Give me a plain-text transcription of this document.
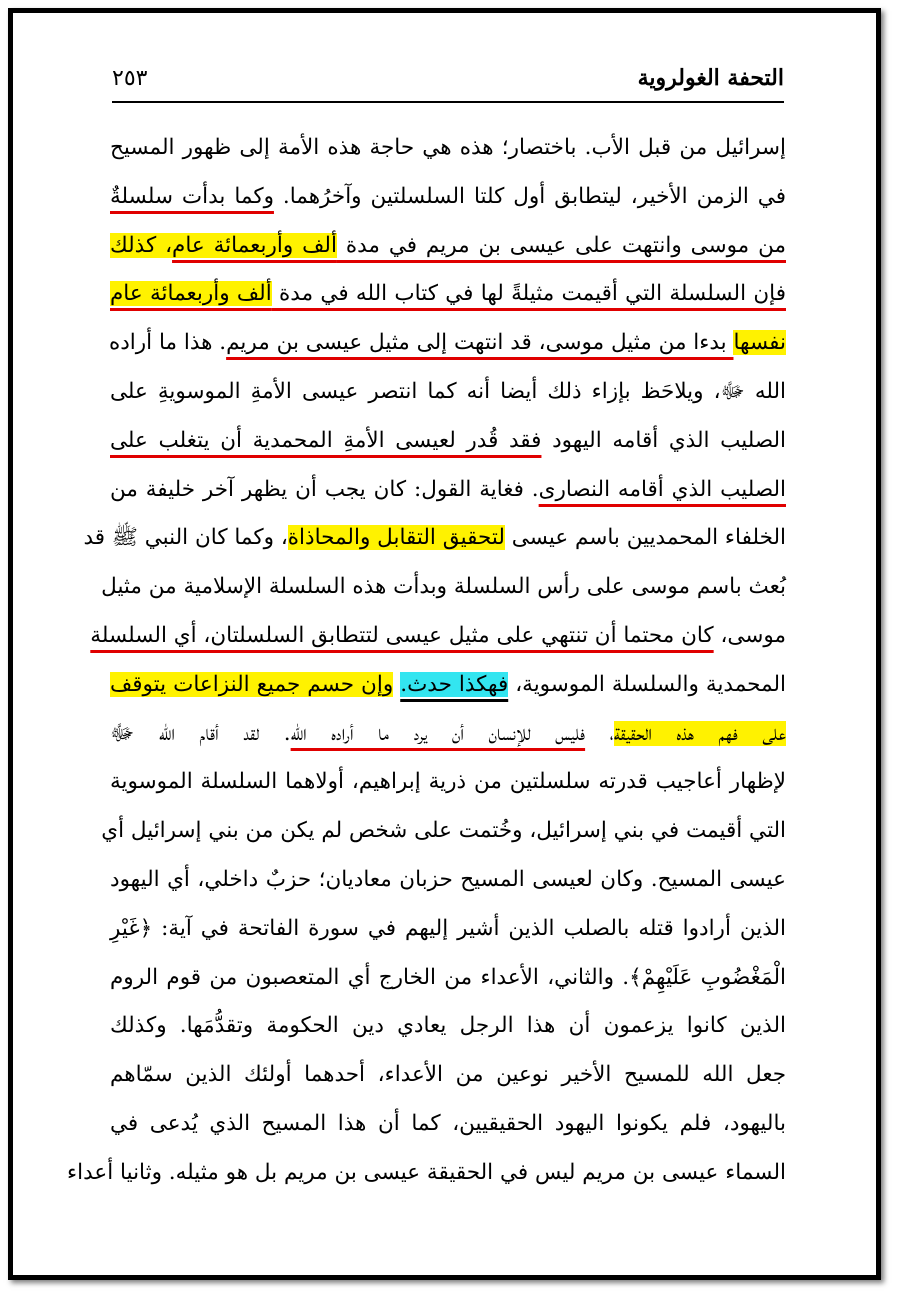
٢٥٣	التحفة الغولروية
إسرائيل من قبل الأب. باختصار؛ هذه هي حاجة هذه الأمة إلى ظهور المسيح
في الزمن الأخير، ليتطابق أول كلتا السلسلتين وآخرُهما. وكما بدأت سلسلةٌ
من موسى وانتهت على عيسى بن مريم في مدة ألف وأربعمائة عام، كذلك
فإن السلسلة التي أقيمت مثيلةً لها في كتاب الله في مدة ألف وأربعمائة عام
نفسها بدءا من مثيل موسى، قد انتهت إلى مثيل عيسى بن مريم. هذا ما أراده
الله ﷻ، ويلاحَظ بإزاء ذلك أيضا أنه كما انتصر عيسى الأمةِ الموسويةِ على
الصليب الذي أقامه اليهود فقد قُدر لعيسى الأمةِ المحمدية أن يتغلب على
الصليب الذي أقامه النصارى. فغاية القول: كان يجب أن يظهر آخر خليفة من
الخلفاء المحمديين باسم عيسى لتحقيق التقابل والمحاذاة، وكما كان النبي ﷺ قد
بُعث باسم موسى على رأس السلسلة وبدأت هذه السلسلة الإسلامية من مثيل
موسى، كان محتما أن تنتهي على مثيل عيسى لتتطابق السلسلتان، أي السلسلة
المحمدية والسلسلة الموسوية، فهكذا حدث. وإن حسم جميع النزاعات يتوقف
على فهم هذه الحقيقة، فليس للإنسان أن يرد ما أراده الله. لقد أقام الله ﷻ
لإظهار أعاجيب قدرته سلسلتين من ذرية إبراهيم، أولاهما السلسلة الموسوية
التي أقيمت في بني إسرائيل، وخُتمت على شخص لم يكن من بني إسرائيل أي
عيسى المسيح. وكان لعيسى المسيح حزبان معاديان؛ حزبٌ داخلي، أي اليهود
الذين أرادوا قتله بالصلب الذين أشير إليهم في سورة الفاتحة في آية: ﴿غَيْرِ
الْمَغْضُوبِ عَلَيْهِمْ﴾. والثاني، الأعداء من الخارج أي المتعصبون من قوم الروم
الذين كانوا يزعمون أن هذا الرجل يعادي دين الحكومة وتقدُّمَها. وكذلك
جعل الله للمسيح الأخير نوعين من الأعداء، أحدهما أولئك الذين سمّاهم
باليهود، فلم يكونوا اليهود الحقيقيين، كما أن هذا المسيح الذي يُدعى في
السماء عيسى بن مريم ليس في الحقيقة عيسى بن مريم بل هو مثيله. وثانيا أعداء
